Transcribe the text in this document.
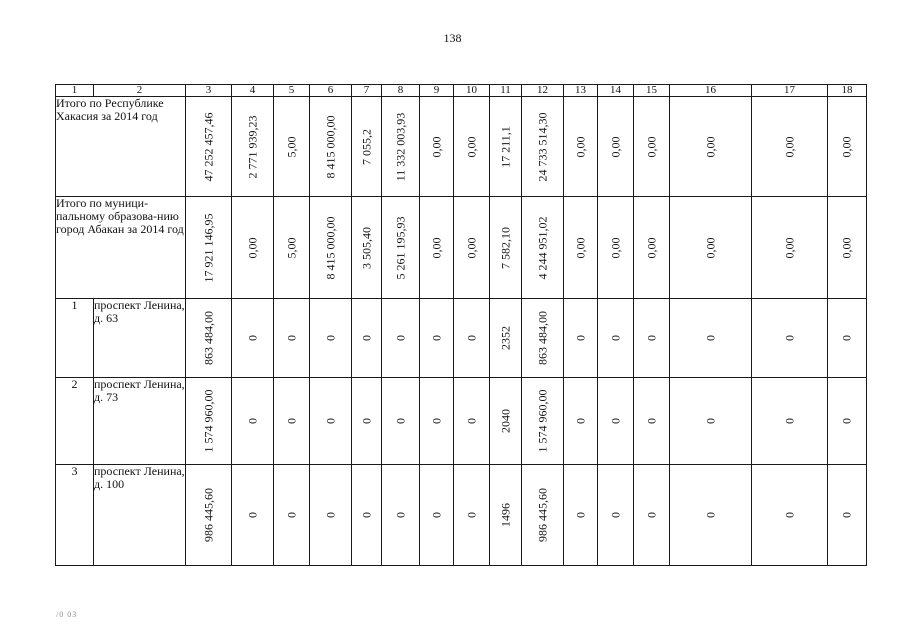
138
1	2	3	4	5	6	7	8	9	10	11	12	13	14	15	16	17	18
Итого по Республике Хакасия за 2014 год		47 252 457,46	2 771 939,23	5,00	8 415 000,00	7 055,2	11 332 003,93	0,00	0,00	17 211,1	24 733 514,30	0,00	0,00	0,00	0,00	0,00	0,00

Итого по муници-пальному образова-нию город Абакан за 2014 год		17 921 146,95	0,00	5,00	8 415 000,00	3 505,40	5 261 195,93	0,00	0,00	7 582,10	4 244 951,02	0,00	0,00	0,00	0,00	0,00	0,00

1	проспект Ленина, д. 63	863 484,00	0	0	0	0	0	0	0	2352	863 484,00	0	0	0	0	0	0

2	проспект Ленина, д. 73	1 574 960,00	0	0	0	0	0	0	0	2040	1 574 960,00	0	0	0	0	0	0

3	проспект Ленина, д. 100	986 445,60	0	0	0	0	0	0	0	1496	986 445,60	0	0	0	0	0	0
/0 03
